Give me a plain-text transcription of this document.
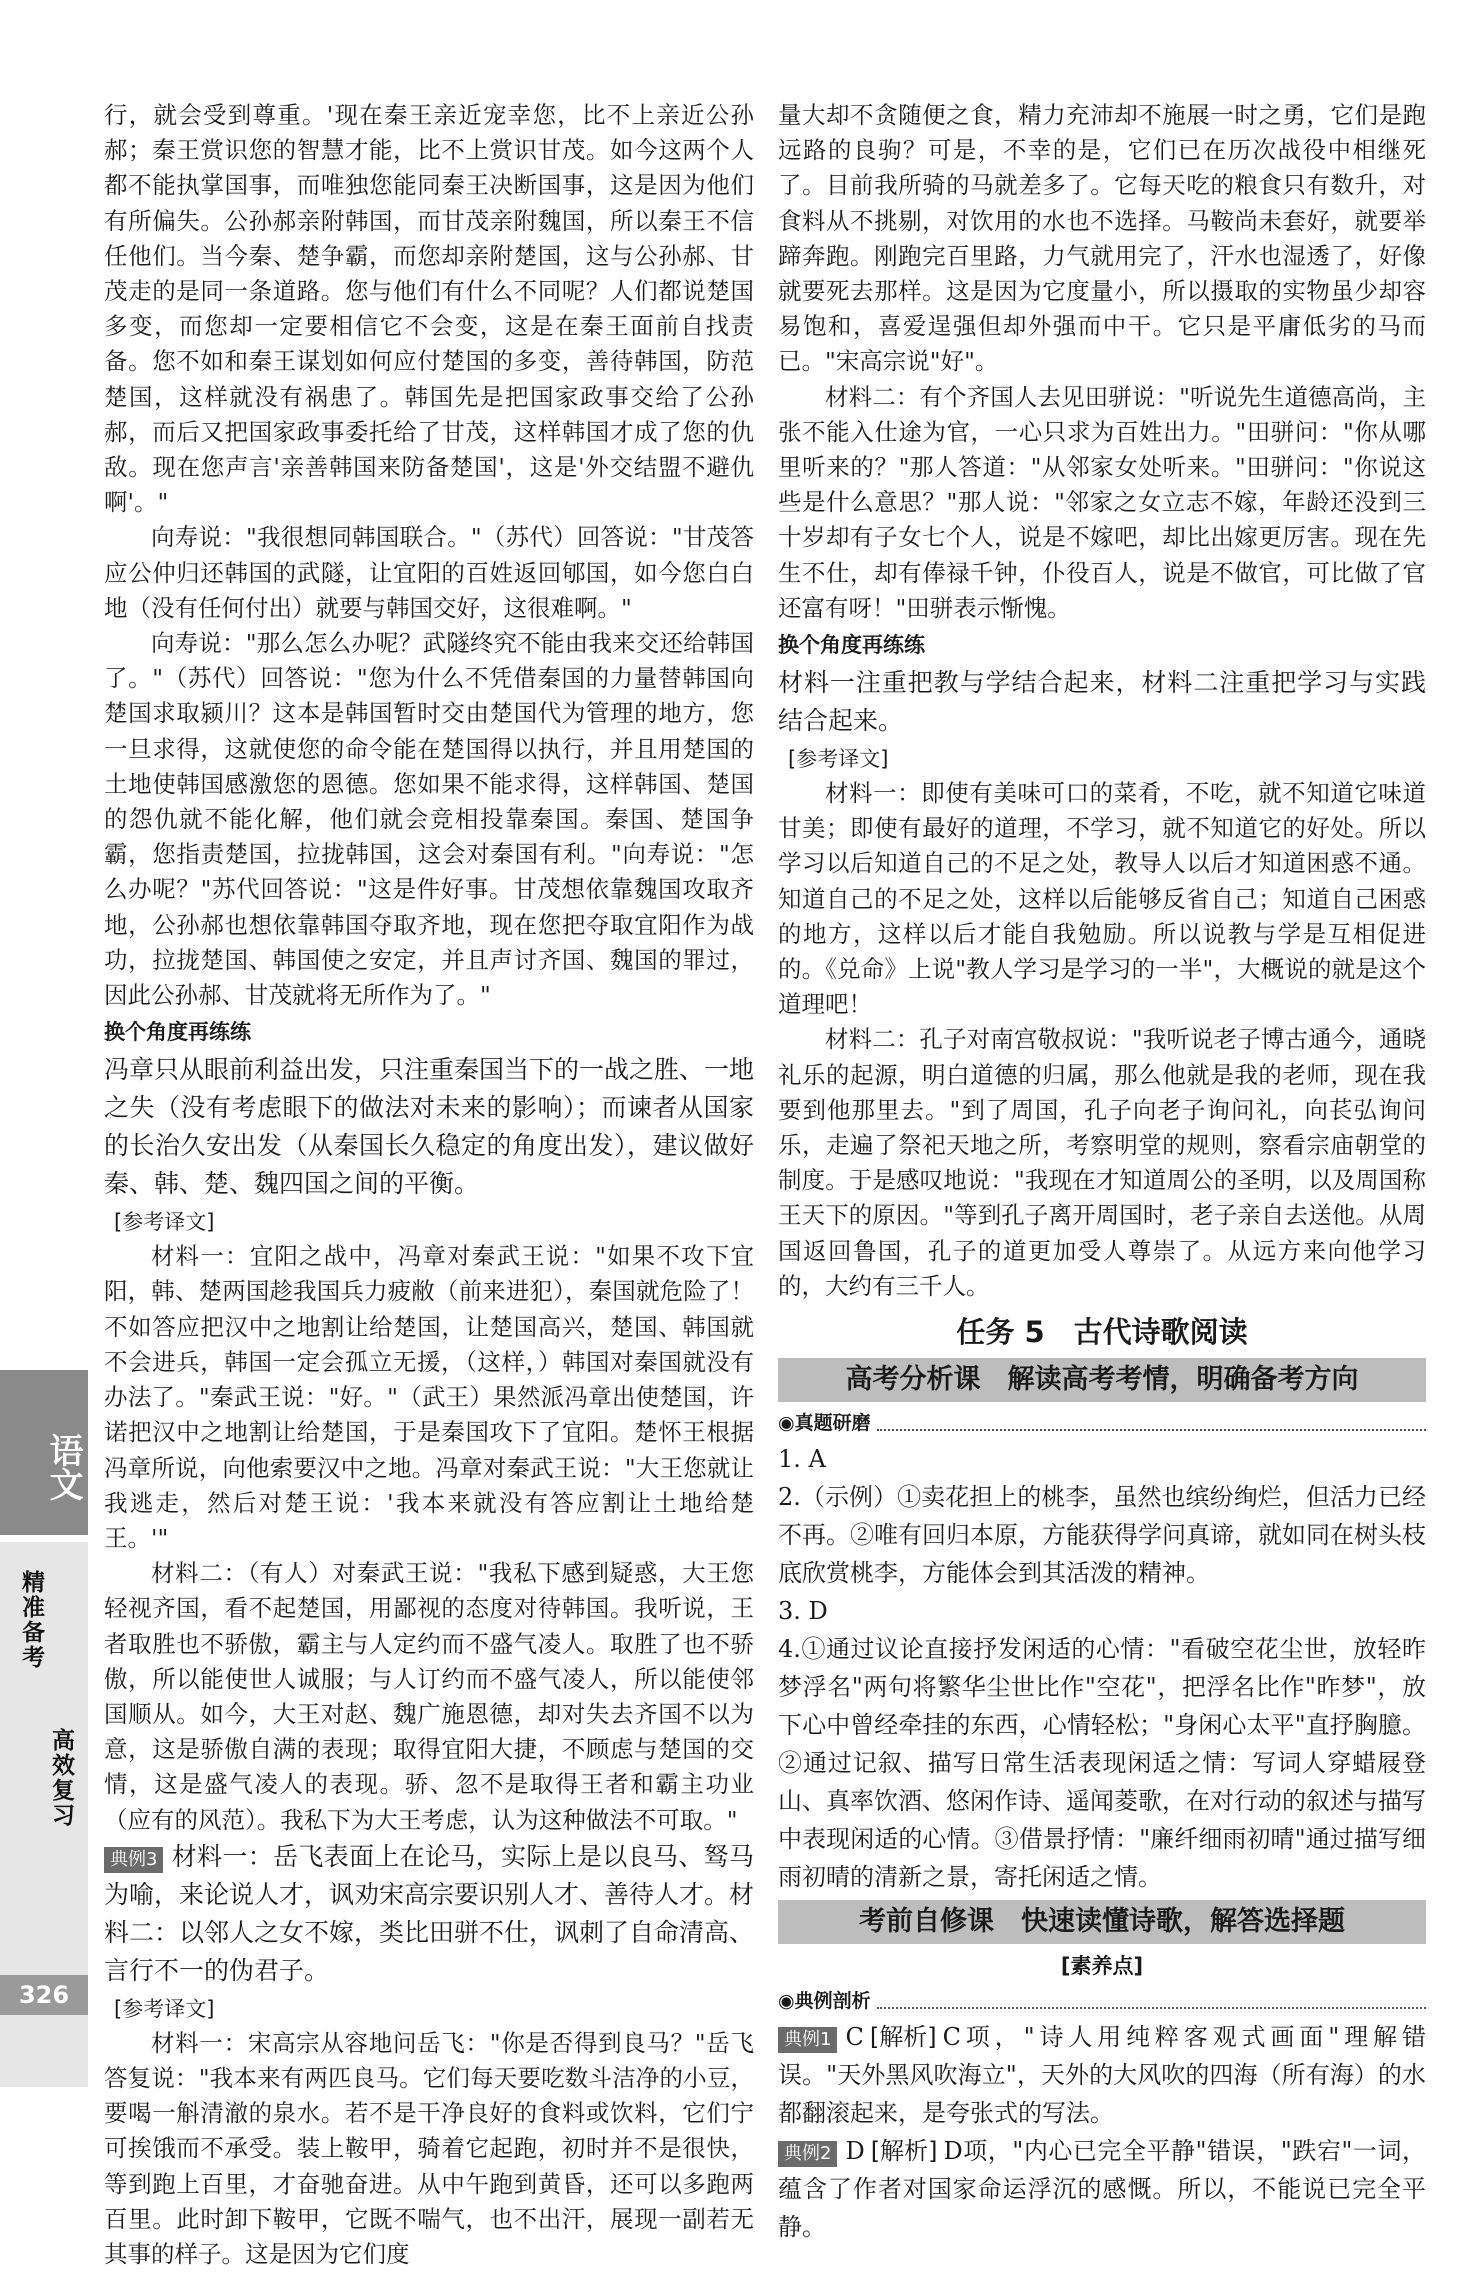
行，就会受到尊重。'现在秦王亲近宠幸您，比不上亲近公孙郝；秦王赏识您的智慧才能，比不上赏识甘茂。如今这两个人都不能执掌国事，而唯独您能同秦王决断国事，这是因为他们有所偏失。公孙郝亲附韩国，而甘茂亲附魏国，所以秦王不信任他们。当今秦、楚争霸，而您却亲附楚国，这与公孙郝、甘茂走的是同一条道路。您与他们有什么不同呢？人们都说楚国多变，而您却一定要相信它不会变，这是在秦王面前自找责备。您不如和秦王谋划如何应付楚国的多变，善待韩国，防范楚国，这样就没有祸患了。韩国先是把国家政事交给了公孙郝，而后又把国家政事委托给了甘茂，这样韩国才成了您的仇敌。现在您声言'亲善韩国来防备楚国'，这是'外交结盟不避仇啊'。"

向寿说："我很想同韩国联合。"（苏代）回答说："甘茂答应公仲归还韩国的武隧，让宜阳的百姓返回郇国，如今您白白地（没有任何付出）就要与韩国交好，这很难啊。"

向寿说："那么怎么办呢？武隧终究不能由我来交还给韩国了。"（苏代）回答说："您为什么不凭借秦国的力量替韩国向楚国求取颍川？这本是韩国暂时交由楚国代为管理的地方，您一旦求得，这就使您的命令能在楚国得以执行，并且用楚国的土地使韩国感激您的恩德。您如果不能求得，这样韩国、楚国的怨仇就不能化解，他们就会竞相投靠秦国。秦国、楚国争霸，您指责楚国，拉拢韩国，这会对秦国有利。"向寿说："怎么办呢？"苏代回答说："这是件好事。甘茂想依靠魏国攻取齐地，公孙郝也想依靠韩国夺取齐地，现在您把夺取宜阳作为战功，拉拢楚国、韩国使之安定，并且声讨齐国、魏国的罪过，因此公孙郝、甘茂就将无所作为了。"

换个角度再练练

冯章只从眼前利益出发，只注重秦国当下的一战之胜、一地之失（没有考虑眼下的做法对未来的影响）；而谏者从国家的长治久安出发（从秦国长久稳定的角度出发），建议做好秦、韩、楚、魏四国之间的平衡。

[参考译文]

材料一：宜阳之战中，冯章对秦武王说："如果不攻下宜阳，韩、楚两国趁我国兵力疲敝（前来进犯），秦国就危险了！不如答应把汉中之地割让给楚国，让楚国高兴，楚国、韩国就不会进兵，韩国一定会孤立无援，（这样，）韩国对秦国就没有办法了。"秦武王说："好。"（武王）果然派冯章出使楚国，许诺把汉中之地割让给楚国，于是秦国攻下了宜阳。楚怀王根据冯章所说，向他索要汉中之地。冯章对秦武王说："大王您就让我逃走，然后对楚王说：'我本来就没有答应割让土地给楚王。'"

材料二：（有人）对秦武王说："我私下感到疑惑，大王您轻视齐国，看不起楚国，用鄙视的态度对待韩国。我听说，王者取胜也不骄傲，霸主与人定约而不盛气凌人。取胜了也不骄傲，所以能使世人诚服；与人订约而不盛气凌人，所以能使邻国顺从。如今，大王对赵、魏广施恩德，却对失去齐国不以为意，这是骄傲自满的表现；取得宜阳大捷，不顾虑与楚国的交情，这是盛气凌人的表现。骄、忽不是取得王者和霸主功业（应有的风范）。我私下为大王考虑，认为这种做法不可取。"

典例3 材料一：岳飞表面上在论马，实际上是以良马、驽马为喻，来论说人才，讽劝宋高宗要识别人才、善待人才。材料二：以邻人之女不嫁，类比田骈不仕，讽刺了自命清高、言行不一的伪君子。

[参考译文]

材料一：宋高宗从容地问岳飞："你是否得到良马？"岳飞答复说："我本来有两匹良马。它们每天要吃数斗洁净的小豆，要喝一斛清澈的泉水。若不是干净良好的食料或饮料，它们宁可挨饿而不承受。装上鞍甲，骑着它起跑，初时并不是很快，等到跑上百里，才奋驰奋进。从中午跑到黄昏，还可以多跑两百里。此时卸下鞍甲，它既不喘气，也不出汗，展现一副若无其事的样子。这是因为它们度

量大却不贪随便之食，精力充沛却不施展一时之勇，它们是跑远路的良驹？可是，不幸的是，它们已在历次战役中相继死了。目前我所骑的马就差多了。它每天吃的粮食只有数升，对食料从不挑剔，对饮用的水也不选择。马鞍尚未套好，就要举蹄奔跑。刚跑完百里路，力气就用完了，汗水也湿透了，好像就要死去那样。这是因为它度量小，所以摄取的实物虽少却容易饱和，喜爱逞强但却外强而中干。它只是平庸低劣的马而已。"宋高宗说"好"。

材料二：有个齐国人去见田骈说："听说先生道德高尚，主张不能入仕途为官，一心只求为百姓出力。"田骈问："你从哪里听来的？"那人答道："从邻家女处听来。"田骈问："你说这些是什么意思？"那人说："邻家之女立志不嫁，年龄还没到三十岁却有子女七个人，说是不嫁吧，却比出嫁更厉害。现在先生不仕，却有俸禄千钟，仆役百人，说是不做官，可比做了官还富有呀！"田骈表示惭愧。

换个角度再练练

材料一注重把教与学结合起来，材料二注重把学习与实践结合起来。

[参考译文]

材料一：即使有美味可口的菜肴，不吃，就不知道它味道甘美；即使有最好的道理，不学习，就不知道它的好处。所以学习以后知道自己的不足之处，教导人以后才知道困惑不通。知道自己的不足之处，这样以后能够反省自己；知道自己困惑的地方，这样以后才能自我勉励。所以说教与学是互相促进的。《兑命》上说"教人学习是学习的一半"，大概说的就是这个道理吧！

材料二：孔子对南宫敬叔说："我听说老子博古通今，通晓礼乐的起源，明白道德的归属，那么他就是我的老师，现在我要到他那里去。"到了周国，孔子向老子询问礼，向苌弘询问乐，走遍了祭祀天地之所，考察明堂的规则，察看宗庙朝堂的制度。于是感叹地说："我现在才知道周公的圣明，以及周国称王天下的原因。"等到孔子离开周国时，老子亲自去送他。从周国返回鲁国，孔子的道更加受人尊崇了。从远方来向他学习的，大约有三千人。

任务 5　古代诗歌阅读
高考分析课　解读高考考情，明确备考方向
◉真题研磨

1. A

2.（示例）①卖花担上的桃李，虽然也缤纷绚烂，但活力已经不再。②唯有回归本原，方能获得学问真谛，就如同在树头枝底欣赏桃李，方能体会到其活泼的精神。

3. D

4.①通过议论直接抒发闲适的心情："看破空花尘世，放轻昨梦浮名"两句将繁华尘世比作"空花"，把浮名比作"昨梦"，放下心中曾经牵挂的东西，心情轻松；"身闲心太平"直抒胸臆。②通过记叙、描写日常生活表现闲适之情：写词人穿蜡屐登山、真率饮酒、悠闲作诗、遥闻菱歌，在对行动的叙述与描写中表现闲适的心情。③借景抒情："廉纤细雨初晴"通过描写细雨初晴的清新之景，寄托闲适之情。

考前自修课　快速读懂诗歌，解答选择题
[素养点]
◉典例剖析

典例1 C [解析] C项，"诗人用纯粹客观式画面"理解错误。"天外黑风吹海立"，天外的大风吹的四海（所有海）的水都翻滚起来，是夸张式的写法。

典例2 D [解析] D项，"内心已完全平静"错误，"跌宕"一词，蕴含了作者对国家命运浮沉的感慨。所以，不能说已完全平静。

语文
精准备考
高效复习
326
